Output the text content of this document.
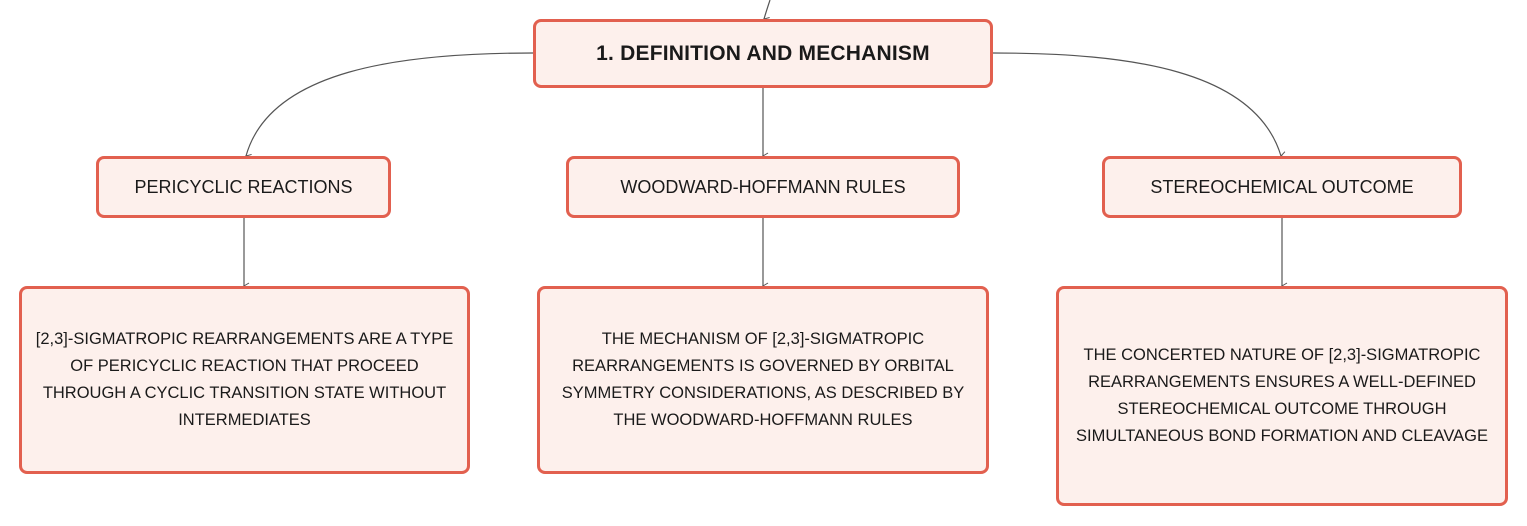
1. DEFINITION AND MECHANISM
PERICYCLIC REACTIONS	WOODWARD-HOFFMANN RULES	STEREOCHEMICAL OUTCOME
[2,3]-SIGMATROPIC REARRANGEMENTS ARE A TYPE OF PERICYCLIC REACTION THAT PROCEED THROUGH A CYCLIC TRANSITION STATE WITHOUT INTERMEDIATES
THE MECHANISM OF [2,3]-SIGMATROPIC REARRANGEMENTS IS GOVERNED BY ORBITAL SYMMETRY CONSIDERATIONS, AS DESCRIBED BY THE WOODWARD-HOFFMANN RULES
THE CONCERTED NATURE OF [2,3]-SIGMATROPIC REARRANGEMENTS ENSURES A WELL-DEFINED STEREOCHEMICAL OUTCOME THROUGH SIMULTANEOUS BOND FORMATION AND CLEAVAGE
